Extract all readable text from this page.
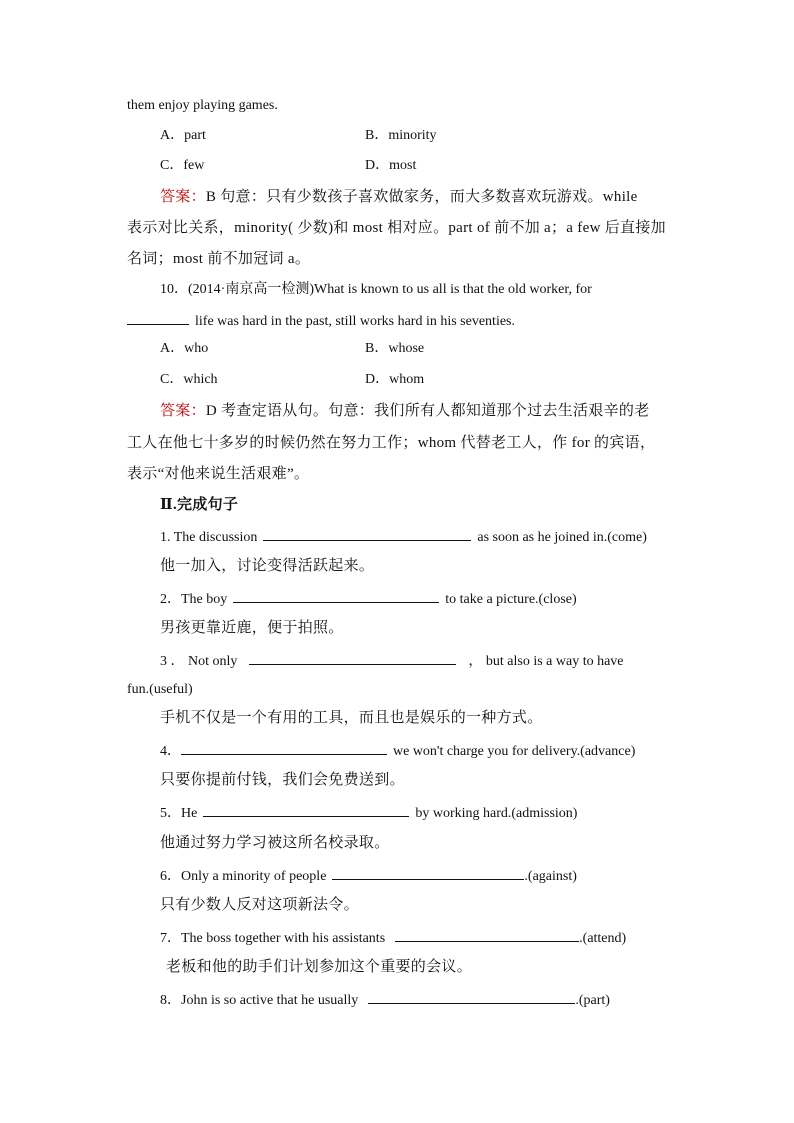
them enjoy playing games.
A．part	B．minority
C．few	D．most
答案：B 句意：只有少数孩子喜欢做家务，而大多数喜欢玩游戏。while
表示对比关系，minority( 少数)和 most 相对应。part of 前不加 a；a few 后直接加
名词；most 前不加冠词 a。
10．(2014·南京高一检测)What is known to us all is that the old worker, for
life was hard in the past, still works hard in his seventies.
A．who	B．whose
C．which	D．whom
答案：D 考查定语从句。句意：我们所有人都知道那个过去生活艰辛的老
工人在他七十多岁的时候仍然在努力工作；whom 代替老工人，作 for 的宾语，
表示“对他来说生活艰难”。
Ⅱ.完成句子
1. The discussion	as soon as he joined in.(come)
他一加入，讨论变得活跃起来。
2．The boy	to take a picture.(close)
男孩更靠近鹿，便于拍照。
3 ． Not only	， but also is a way to have
fun.(useful)
手机不仅是一个有用的工具，而且也是娱乐的一种方式。
4．	we won't charge you for delivery.(advance)
只要你提前付钱，我们会免费送到。
5．He	by working hard.(admission)
他通过努力学习被这所名校录取。
6．Only a minority of people	.(against)
只有少数人反对这项新法令。
7．The boss together with his assistants	.(attend)
老板和他的助手们计划参加这个重要的会议。
8．John is so active that he usually	.(part)
